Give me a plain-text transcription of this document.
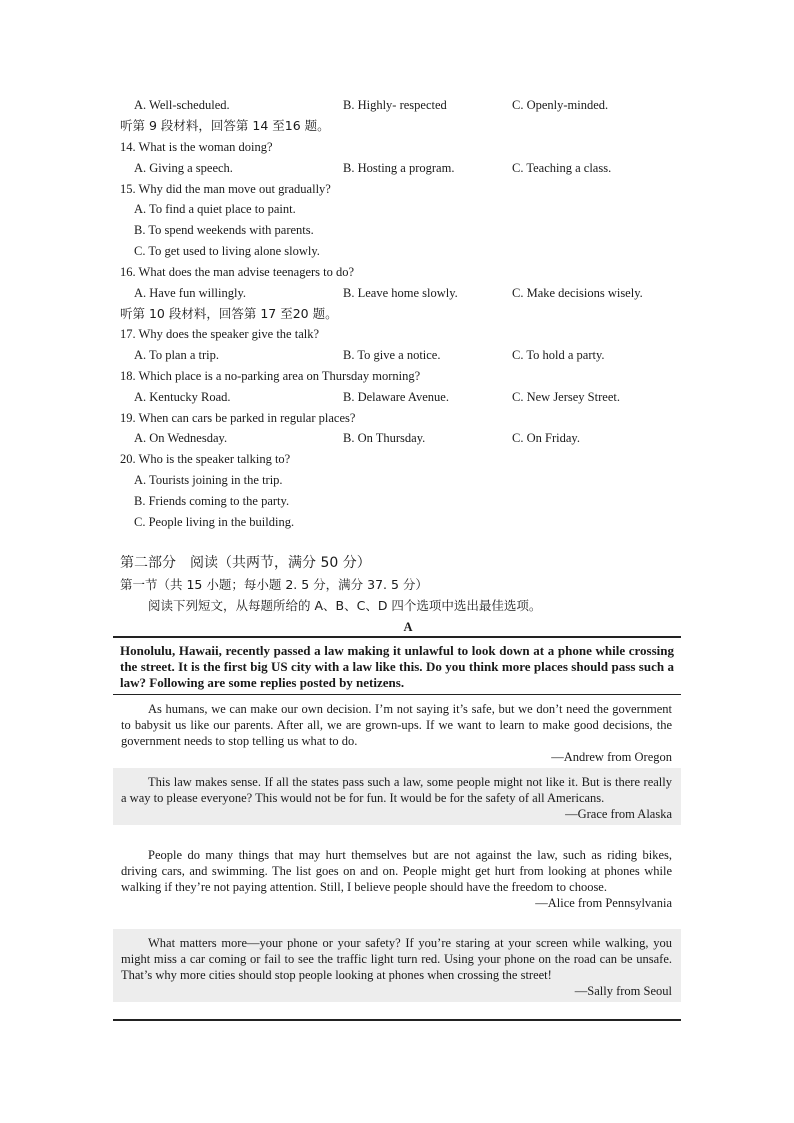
A. Well-scheduled.	B. Highly- respected	C. Openly-minded.
听第 9 段材料，回答第 14 至16 题。
14. What is the woman doing?
A. Giving a speech.	B. Hosting a program.	C. Teaching a class.
15. Why did the man move out gradually?
A. To find a quiet place to paint.
B. To spend weekends with parents.
C. To get used to living alone slowly.
16. What does the man advise teenagers to do?
A. Have fun willingly.	B. Leave home slowly.	C. Make decisions wisely.
听第 10 段材料，回答第 17 至20 题。
17. Why does the speaker give the talk?
A. To plan a trip.	B. To give a notice.	C. To hold a party.
18. Which place is a no-parking area on Thursday morning?
A. Kentucky Road.	B. Delaware Avenue.	C. New Jersey Street.
19. When can cars be parked in regular places?
A. On Wednesday.	B. On Thursday.	C. On Friday.
20. Who is the speaker talking to?
A. Tourists joining in the trip.
B. Friends coming to the party.
C. People living in the building.
第二部分　阅读（共两节，满分 50 分）
第一节（共 15 小题；每小题 2. 5 分，满分 37. 5 分）
阅读下列短文，从每题所给的 A、B、C、D 四个选项中选出最佳选项。
A
Honolulu, Hawaii, recently passed a law making it unlawful to look down at a phone while crossing the street. It is the first big US city with a law like this. Do you think more places should pass such a law? Following are some replies posted by netizens.

As humans, we can make our own decision. I’m not saying it’s safe, but we don’t need the government to babysit us like our parents. After all, we are grown-ups. If we want to learn to make good decisions, the government needs to stop telling us what to do.

—Andrew from Oregon

This law makes sense. If all the states pass such a law, some people might not like it. But is there really a way to please everyone? This would not be for fun. It would be for the safety of all Americans.

—Grace from Alaska

People do many things that may hurt themselves but are not against the law, such as riding bikes, driving cars, and swimming. The list goes on and on. People might get hurt from looking at phones while walking if they’re not paying attention. Still, I believe people should have the freedom to choose.

—Alice from Pennsylvania

What matters more—your phone or your safety? If you’re staring at your screen while walking, you might miss a car coming or fail to see the traffic light turn red. Using your phone on the road can be unsafe. That’s why more cities should stop people looking at phones when crossing the street!

—Sally from Seoul
